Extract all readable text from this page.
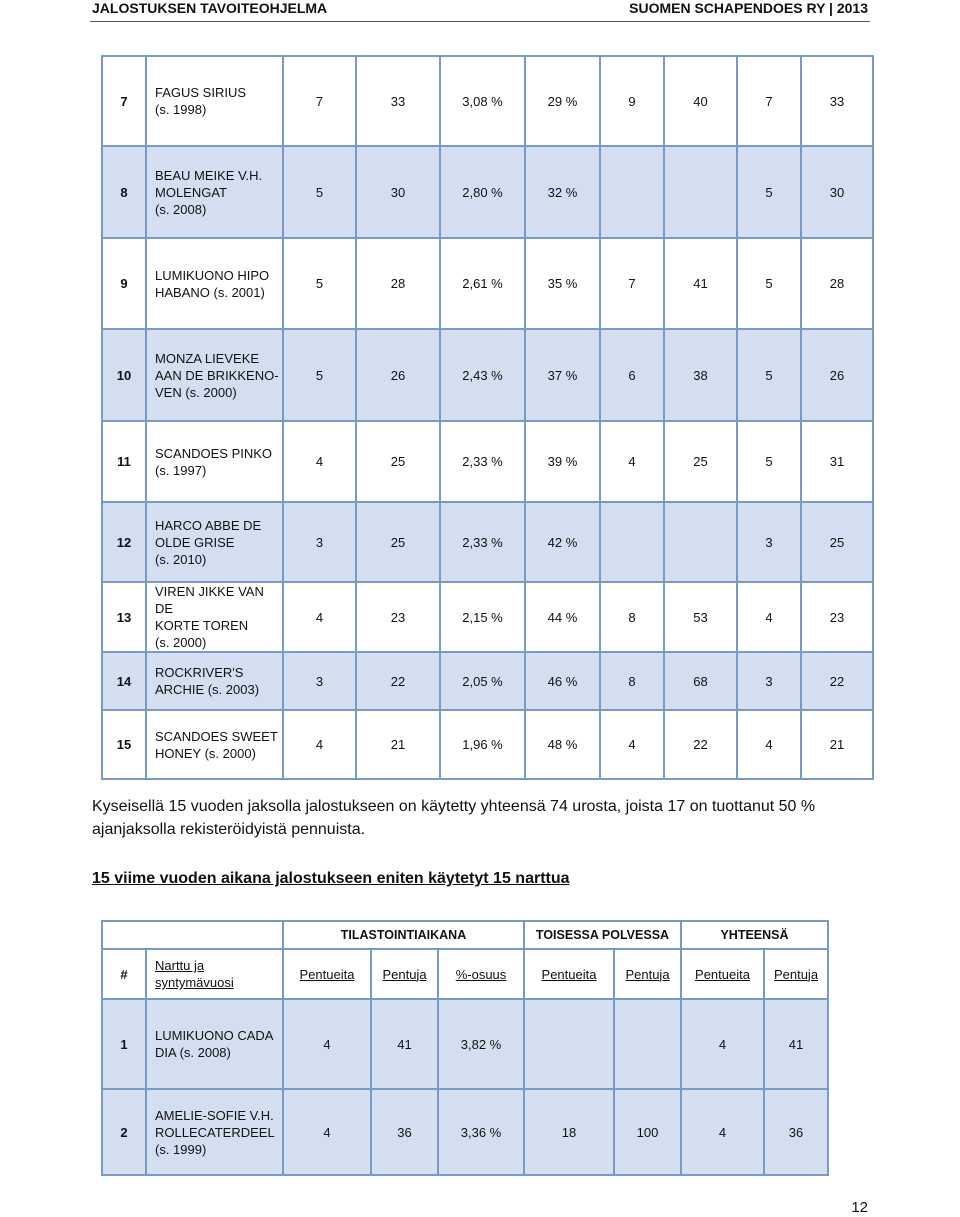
JALOSTUKSEN TAVOITEOHJELMA	SUOMEN SCHAPENDOES RY | 2013
7	FAGUS SIRIUS
(s. 1998)	7	33	3,08 %	29 %	9	40	7	33
8	BEAU MEIKE V.H.
MOLENGAT
(s. 2008)	5	30	2,80 %	32 %			5	30
9	LUMIKUONO HIPO
HABANO (s. 2001)	5	28	2,61 %	35 %	7	41	5	28
10	MONZA LIEVEKE
AAN DE BRIKKENO-
VEN (s. 2000)	5	26	2,43 %	37 %	6	38	5	26
11	SCANDOES PINKO
(s. 1997)	4	25	2,33 %	39 %	4	25	5	31
12	HARCO ABBE DE
OLDE GRISE
(s. 2010)	3	25	2,33 %	42 %			3	25
13	VIREN JIKKE VAN DE
KORTE TOREN
(s. 2000)	4	23	2,15 %	44 %	8	53	4	23
14	ROCKRIVER'S
ARCHIE (s. 2003)	3	22	2,05 %	46 %	8	68	3	22
15	SCANDOES SWEET
HONEY (s. 2000)	4	21	1,96 %	48 %	4	22	4	21

Kyseisellä 15 vuoden jaksolla jalostukseen on käytetty yhteensä 74 urosta, joista 17 on tuottanut 50 % ajanjaksolla rekisteröidyistä pennuista.

15 viime vuoden aikana jalostukseen eniten käytetyt 15 narttua
		TILASTOINTIAIKANA			TOISESSA POLVESSA		YHTEENSÄ	
#	Narttu ja
syntymävuosi	Pentueita	Pentuja	%-osuus	Pentueita	Pentuja	Pentueita	Pentuja
1	LUMIKUONO CADA
DIA (s. 2008)	4	41	3,82 %			4	41
2	AMELIE-SOFIE V.H.
ROLLECATERDEEL
(s. 1999)	4	36	3,36 %	18	100	4	36
12
